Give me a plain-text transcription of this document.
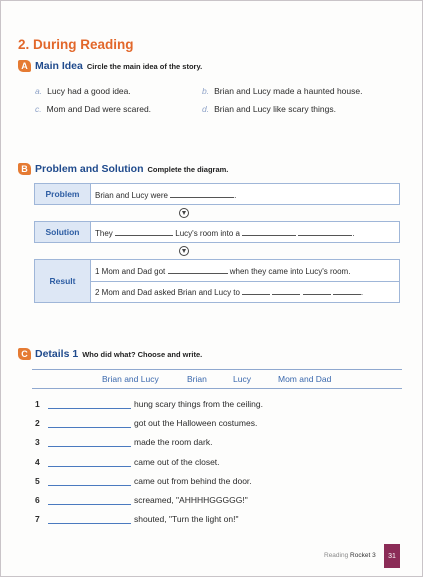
2. During Reading
A Main Idea Circle the main idea of the story.
a. Lucy had a good idea.	b. Brian and Lucy made a haunted house.
c. Mom and Dad were scared.	d. Brian and Lucy like scary things.
B Problem and Solution Complete the diagram.
Problem	Brian and Lucy were	.
Solution	They	Lucy's room into a	.
Result
1 Mom and Dad got	when they came into Lucy's room.
2 Mom and Dad asked Brian and Lucy to	.
C Details 1 Who did what? Choose and write.
Brian and Lucy	Brian	Lucy	Mom and Dad
1	hung scary things from the ceiling.
2	got out the Halloween costumes.
3	made the room dark.
4	came out of the closet.
5	came out from behind the door.
6	screamed, "AHHHHGGGGG!"
7	shouted, "Turn the light on!"
Reading Rocket 3	31
